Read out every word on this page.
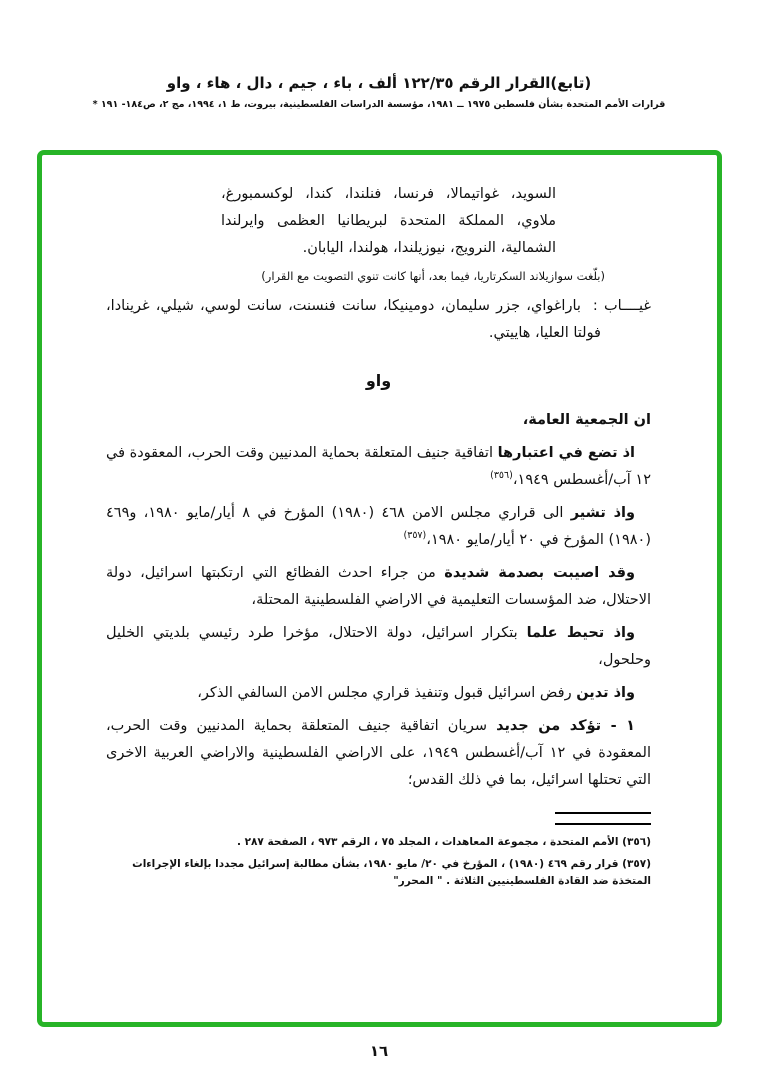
(تابع)القرار الرقم ١٢٢/٣٥ ألف ، باء ، جيم ، دال ، هاء ، واو
قرارات الأمم المتحدة بشأن فلسطين ١٩٧٥ ــ ١٩٨١، مؤسسة الدراسات الفلسطينية، بيروت، ط ١، ١٩٩٤، مج ٢، ص١٨٤- ١٩١ *
السويد، غواتيمالا، فرنسا، فنلندا، كندا، لوكسمبورغ، ملاوي، المملكة المتحدة لبريطانيا العظمى وايرلندا الشمالية، النرويج، نيوزيلندا، هولندا، اليابان.
(بلّغت سوازيلاند السكرتاريا، فيما بعد، أنها كانت تنوي التصويت مع القرار)
غيــــاب :باراغواي، جزر سليمان، دومينيكا، سانت فنسنت، سانت لوسي، شيلي، غرينادا، فولتا العليا، هاييتي.
واو
ان الجمعية العامة،
اذ تضع في اعتبارها اتفاقية جنيف المتعلقة بحماية المدنيين وقت الحرب، المعقودة في ١٢ آب/أغسطس ١٩٤٩،$^{(٣٥٦)}$
واذ تشير الى قراري مجلس الامن ٤٦٨ (١٩٨٠) المؤرخ في ٨ أيار/مايو ١٩٨٠، و٤٦٩ (١٩٨٠) المؤرخ في ٢٠ أيار/مايو ١٩٨٠،$^{(٣٥٧)}$
وقد اصيبت بصدمة شديدة من جراء احدث الفظائع التي ارتكبتها اسرائيل، دولة الاحتلال، ضد المؤسسات التعليمية في الاراضي الفلسطينية المحتلة،
واذ تحيط علما بتكرار اسرائيل، دولة الاحتلال، مؤخرا طرد رئيسي بلديتي الخليل وحلحول،
واذ تدين رفض اسرائيل قبول وتنفيذ قراري مجلس الامن السالفي الذكر،
١ - تؤكد من جديد سريان اتفاقية جنيف المتعلقة بحماية المدنيين وقت الحرب، المعقودة في ١٢ آب/أغسطس ١٩٤٩، على الاراضي الفلسطينية والاراضي العربية الاخرى التي تحتلها اسرائيل، بما في ذلك القدس؛
(٣٥٦) الأمم المتحدة ، مجموعة المعاهدات ، المجلد ٧٥ ، الرقم ٩٧٣ ، الصفحة ٢٨٧ .
(٣٥٧) قرار رقم ٤٦٩ (١٩٨٠) ، المؤرخ في ٢٠/ مايو ١٩٨٠، بشأن مطالبة إسرائيل مجددا بإلغاء الإجراءات المتخذة ضد القادة الفلسطينيين الثلاثة . " المحرر"
١٦
